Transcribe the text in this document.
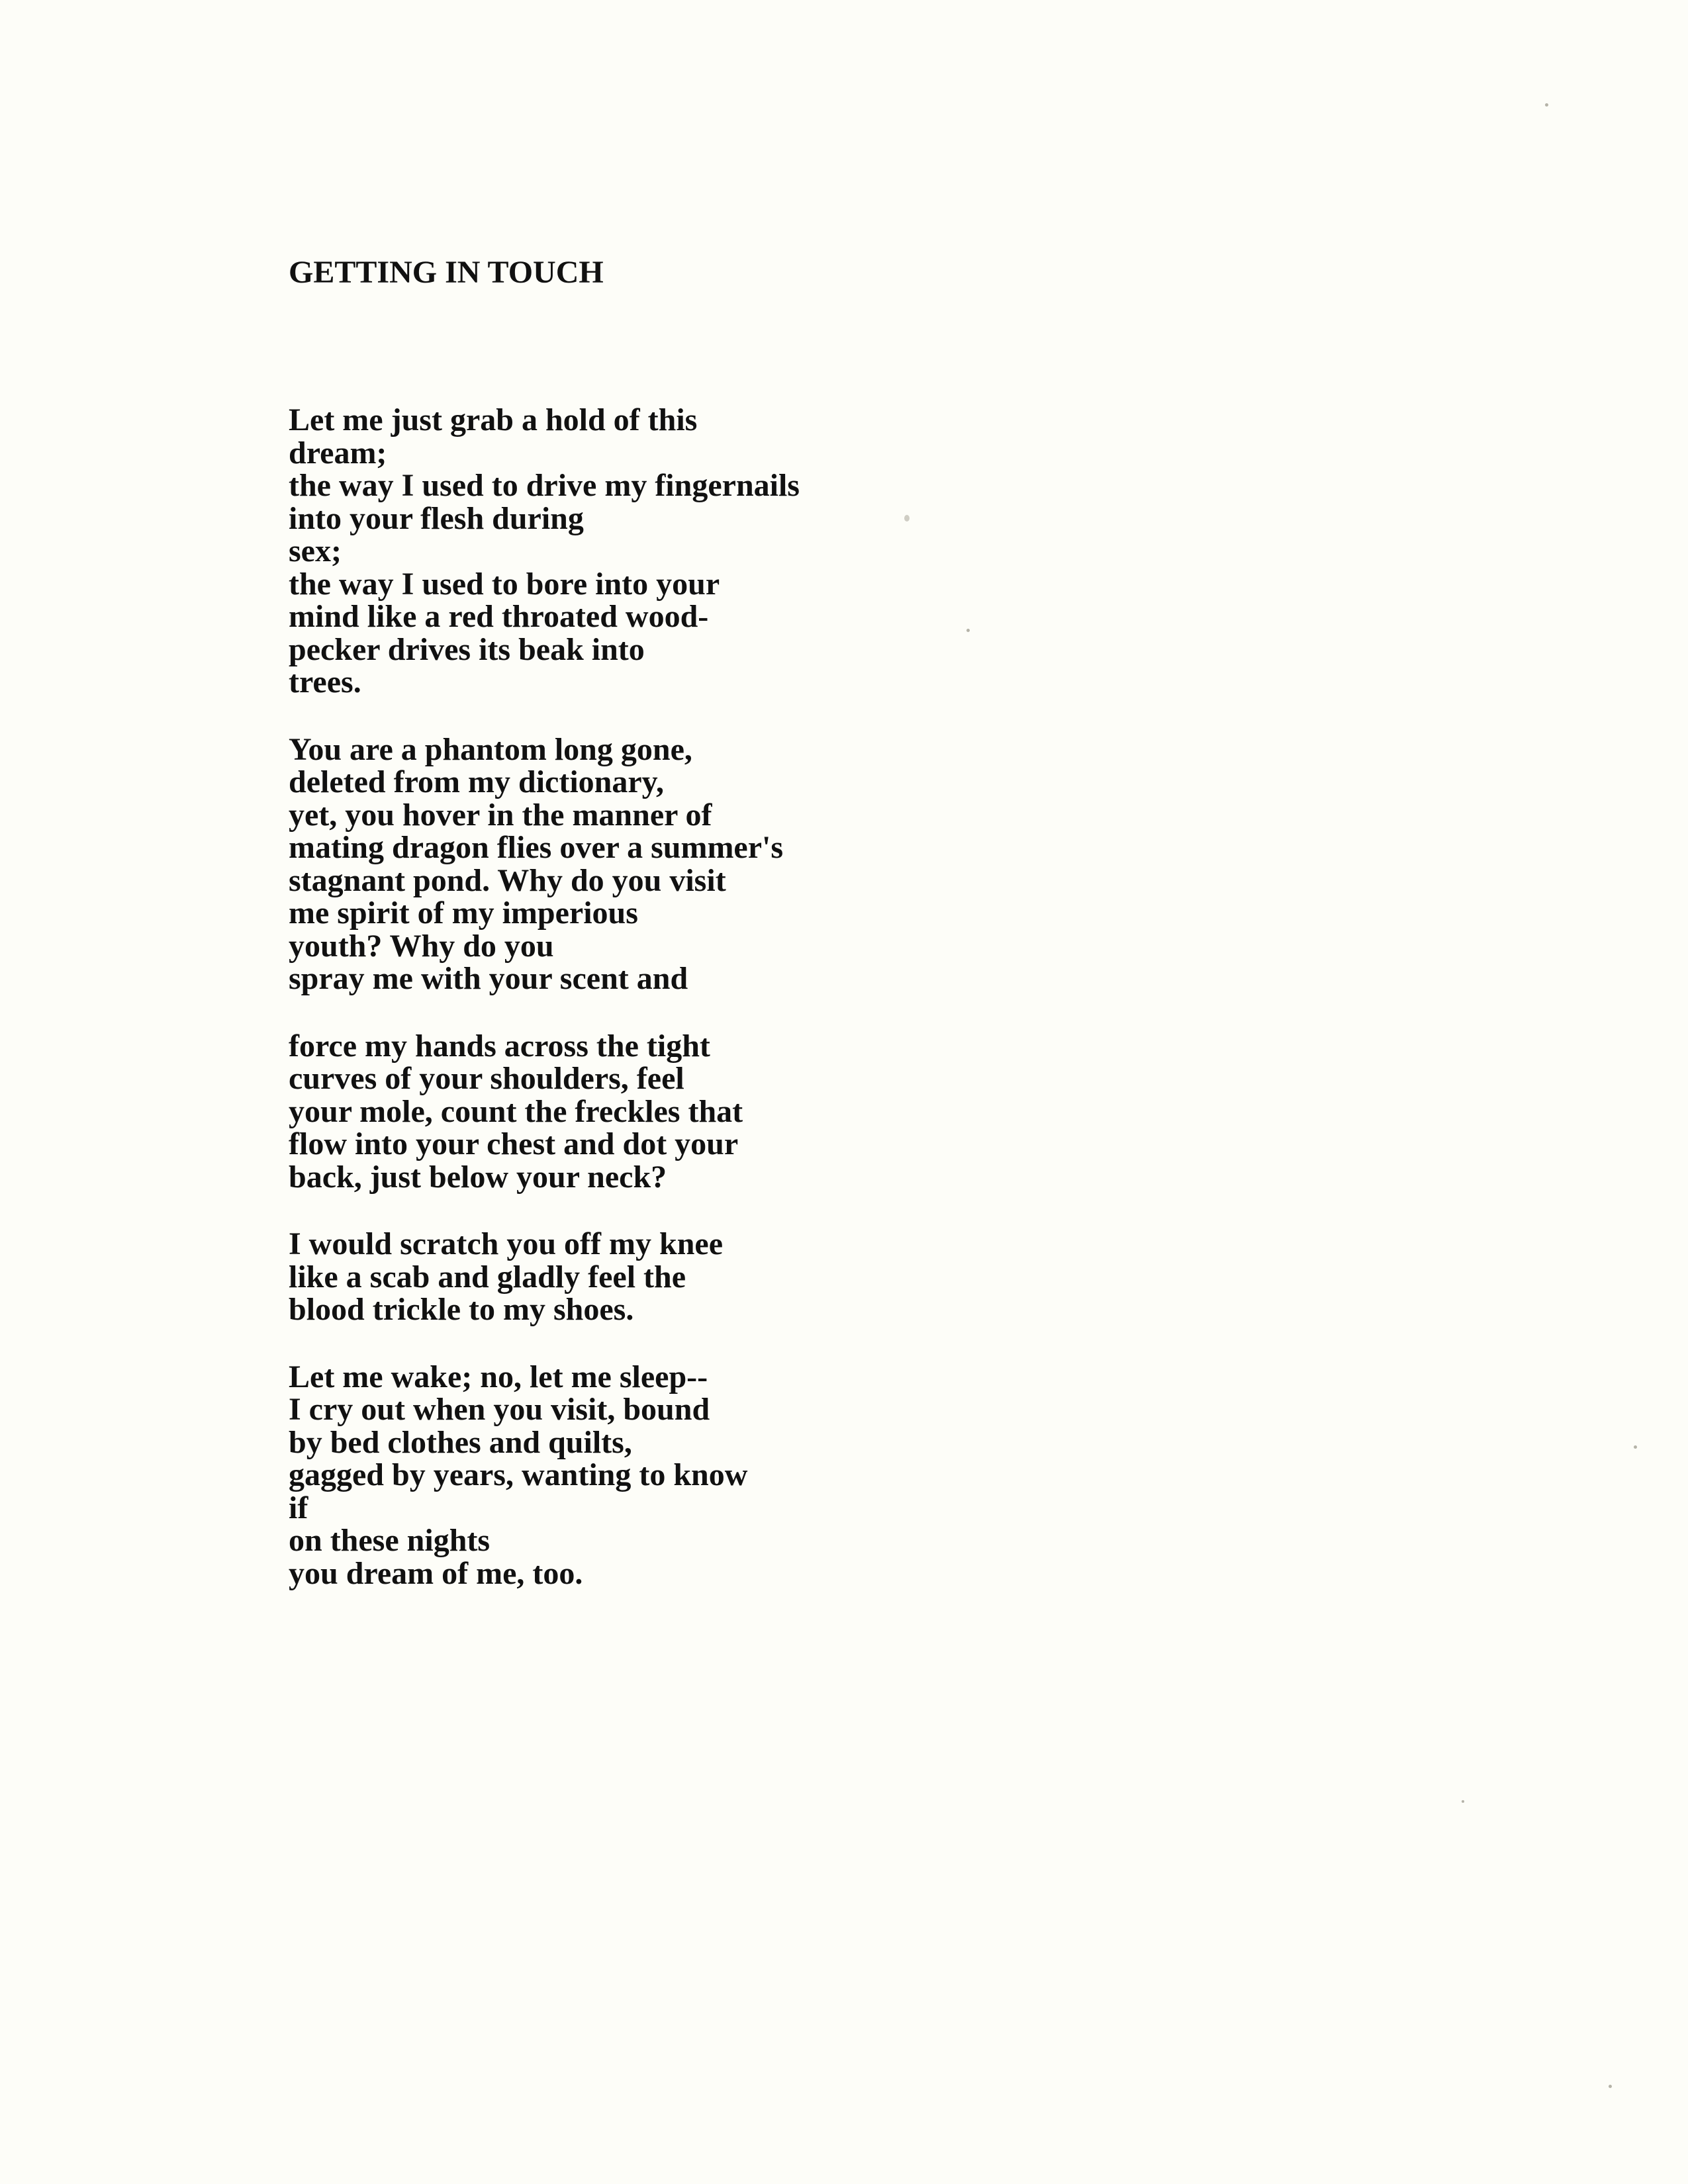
GETTING IN TOUCH
Let me just grab a hold of this
dream;
the way I used to drive my fingernails
into your flesh during
sex;
the way I used to bore into your
mind like a red throated wood-
pecker drives its beak into
trees.
You are a phantom long gone,
deleted from my dictionary,
yet, you hover in the manner of
mating dragon flies over a summer's
stagnant pond. Why do you visit
me spirit of my imperious
youth? Why do you
spray me with your scent and
force my hands across the tight
curves of your shoulders, feel
your mole, count the freckles that
flow into your chest and dot your
back, just below your neck?
I would scratch you off my knee
like a scab and gladly feel the
blood trickle to my shoes.
Let me wake; no, let me sleep--
I cry out when you visit, bound
by bed clothes and quilts,
gagged by years, wanting to know
if
on these nights
you dream of me, too.
